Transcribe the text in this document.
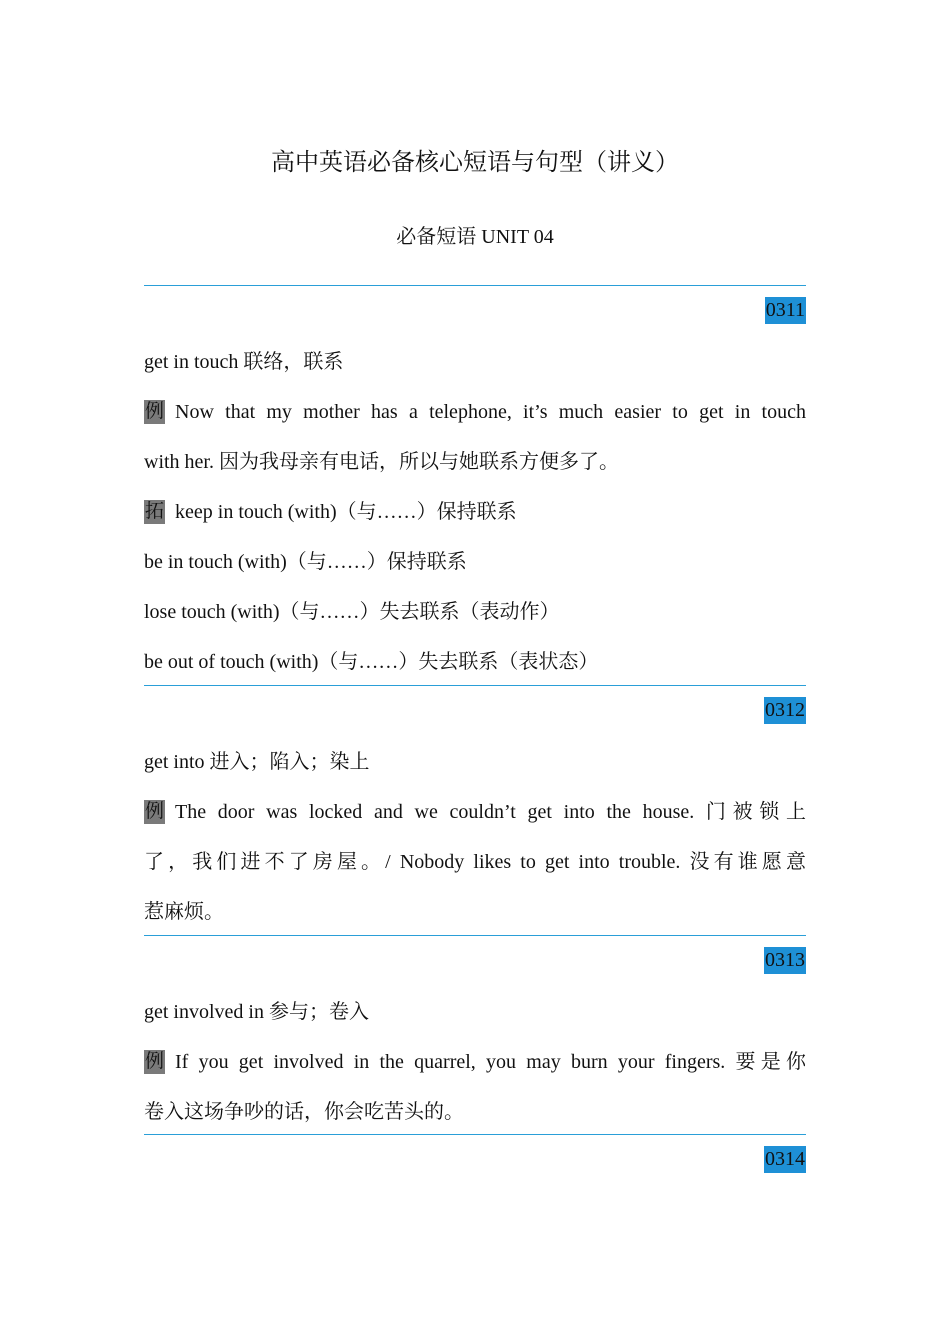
高中英语必备核心短语与句型（讲义）
必备短语 UNIT 04
0311

get in touch 联络，联系

例 Now that my mother has a telephone, it’s much easier to get in touch

with her. 因为我母亲有电话，所以与她联系方便多了。

拓 keep in touch (with)（与……）保持联系

be in touch (with)（与……）保持联系

lose touch (with)（与……）失去联系（表动作）

be out of touch (with)（与……）失去联系（表状态）

0312

get into 进入；陷入；染上

例 The door was locked and we couldn’t get into the house. 门被锁上

了，我们进不了房屋。/ Nobody likes to get into trouble. 没有谁愿意

惹麻烦。

0313

get involved in 参与；卷入

例 If you get involved in the quarrel, you may burn your fingers. 要是你

卷入这场争吵的话，你会吃苦头的。

0314
